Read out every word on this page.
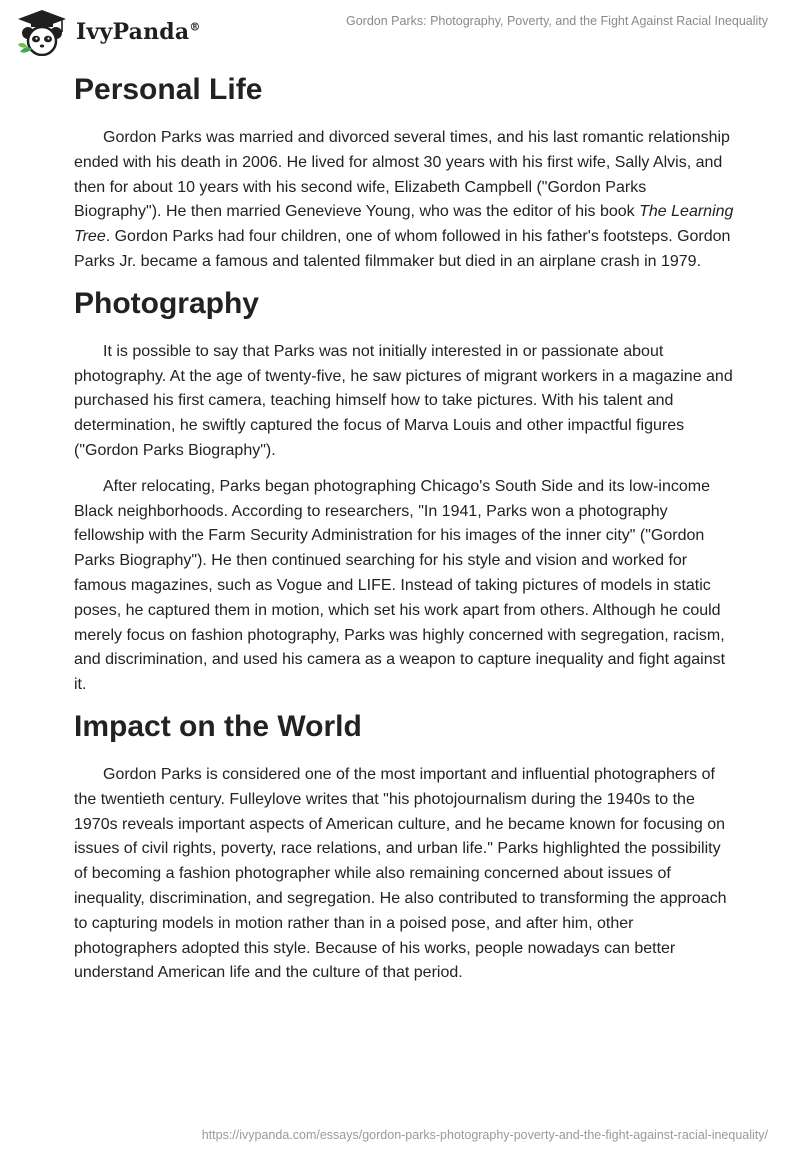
IvyPanda®	Gordon Parks: Photography, Poverty, and the Fight Against Racial Inequality
Personal Life

Gordon Parks was married and divorced several times, and his last romantic relationship ended with his death in 2006. He lived for almost 30 years with his first wife, Sally Alvis, and then for about 10 years with his second wife, Elizabeth Campbell ("Gordon Parks Biography"). He then married Genevieve Young, who was the editor of his book The Learning Tree. Gordon Parks had four children, one of whom followed in his father's footsteps. Gordon Parks Jr. became a famous and talented filmmaker but died in an airplane crash in 1979.

Photography

It is possible to say that Parks was not initially interested in or passionate about photography. At the age of twenty-five, he saw pictures of migrant workers in a magazine and purchased his first camera, teaching himself how to take pictures. With his talent and determination, he swiftly captured the focus of Marva Louis and other impactful figures ("Gordon Parks Biography").

After relocating, Parks began photographing Chicago's South Side and its low-income Black neighborhoods. According to researchers, "In 1941, Parks won a photography fellowship with the Farm Security Administration for his images of the inner city" ("Gordon Parks Biography"). He then continued searching for his style and vision and worked for famous magazines, such as Vogue and LIFE. Instead of taking pictures of models in static poses, he captured them in motion, which set his work apart from others. Although he could merely focus on fashion photography, Parks was highly concerned with segregation, racism, and discrimination, and used his camera as a weapon to capture inequality and fight against it.

Impact on the World

Gordon Parks is considered one of the most important and influential photographers of the twentieth century. Fulleylove writes that "his photojournalism during the 1940s to the 1970s reveals important aspects of American culture, and he became known for focusing on issues of civil rights, poverty, race relations, and urban life." Parks highlighted the possibility of becoming a fashion photographer while also remaining concerned about issues of inequality, discrimination, and segregation. He also contributed to transforming the approach to capturing models in motion rather than in a poised pose, and after him, other photographers adopted this style. Because of his works, people nowadays can better understand American life and the culture of that period.

https://ivypanda.com/essays/gordon-parks-photography-poverty-and-the-fight-against-racial-inequality/
